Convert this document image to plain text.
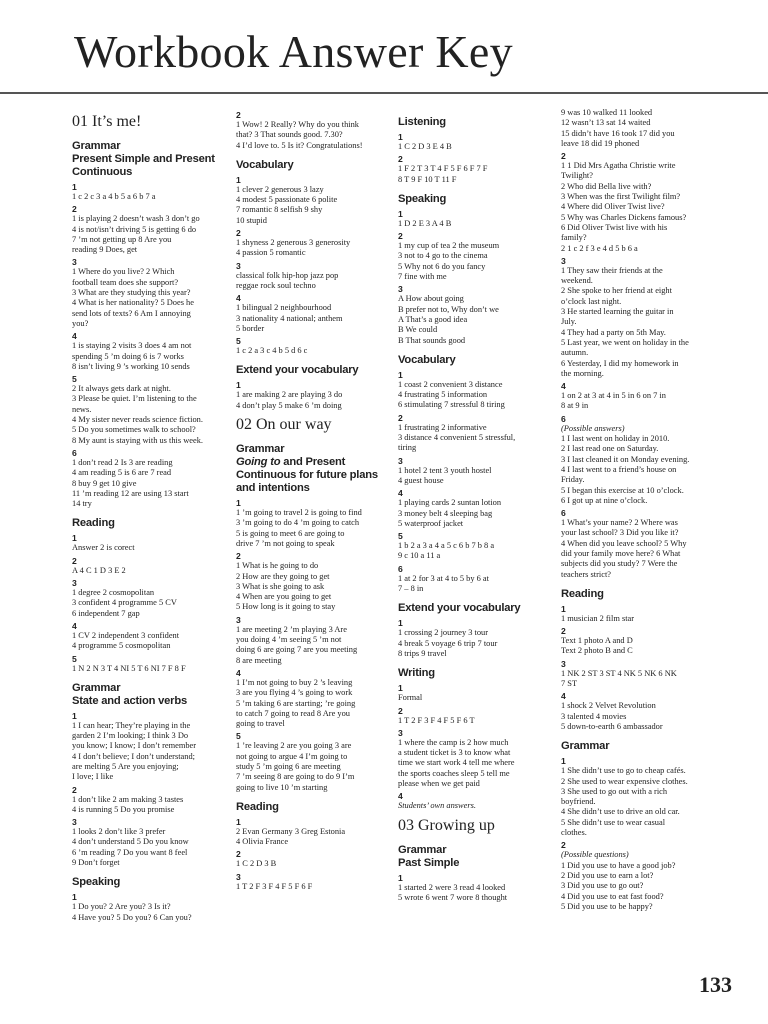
Workbook Answer Key
01 It’s me!
Grammar
Present Simple and Present Continuous
1
1 c 2 c 3 a 4 b 5 a 6 b 7 a
2
1 is playing 2 doesn’t wash 3 don’t go
4 is not/isn’t driving 5 is getting 6 do
7 ’m not getting up 8 Are you
reading 9 Does, get
3
1 Where do you live? 2 Which
football team does she support?
3 What are they studying this year?
4 What is her nationality? 5 Does he
send lots of texts? 6 Am I annoying
you?
4
1 is staying 2 visits 3 does 4 am not
spending 5 ’m doing 6 is 7 works
8 isn’t living 9 ’s working 10 sends
5
2 It always gets dark at night.
3 Please be quiet. I’m listening to the
news.
4 My sister never reads science fiction.
5 Do you sometimes walk to school?
8 My aunt is staying with us this week.
6
1 don’t read 2 Is 3 are reading
4 am reading 5 is 6 are 7 read
8 buy 9 get 10 give
11 ’m reading 12 are using 13 start
14 try
Reading
1
Answer 2 is corect
2
A 4 C 1 D 3 E 2
3
1 degree 2 cosmopolitan
3 confident 4 programme 5 CV
6 independent 7 gap
4
1 CV 2 independent 3 confident
4 programme 5 cosmopolitan
5
1 N 2 N 3 T 4 NI 5 T 6 NI 7 F 8 F
Grammar
State and action verbs
1
1 I can hear; They’re playing in the
garden 2 I’m looking; I think 3 Do
you know; I know; I don’t remember
4 I don’t believe; I don’t understand;
are melting 5 Are you enjoying;
I love; I like
2
1 don’t like 2 am making 3 tastes
4 is running 5 Do you promise
3
1 looks 2 don’t like 3 prefer
4 don’t understand 5 Do you know
6 ’m reading 7 Do you want 8 feel
9 Don’t forget
Speaking
1
1 Do you? 2 Are you? 3 Is it?
4 Have you? 5 Do you? 6 Can you?
2
1 Wow! 2 Really? Why do you think
that? 3 That sounds good. 7.30?
4 I’d love to. 5 Is it? Congratulations!
Vocabulary
1
1 clever 2 generous 3 lazy
4 modest 5 passionate 6 polite
7 romantic 8 selfish 9 shy
10 stupid
2
1 shyness 2 generous 3 generosity
4 passion 5 romantic
3
classical folk hip-hop jazz pop
reggae rock soul techno
4
1 bilingual 2 neighbourhood
3 nationality 4 national; anthem
5 border
5
1 c 2 a 3 c 4 b 5 d 6 c
Extend your vocabulary
1
1 are making 2 are playing 3 do
4 don’t play 5 make 6 ’m doing
02 On our way
Grammar
Going to and Present Continuous for future plans and intentions
1
1 ’m going to travel 2 is going to find
3 ’m going to do 4 ’m going to catch
5 is going to meet 6 are going to
drive 7 ’m not going to speak
2
1 What is he going to do
2 How are they going to get
3 What is she going to ask
4 When are you going to get
5 How long is it going to stay
3
1 are meeting 2 ’m playing 3 Are
you doing 4 ’m seeing 5 ’m not
doing 6 are going 7 are you meeting
8 are meeting
4
1 I’m not going to buy 2 ’s leaving
3 are you flying 4 ’s going to work
5 ’m taking 6 are starting; ’re going
to catch 7 going to read 8 Are you
going to travel
5
1 ’re leaving 2 are you going 3 are
not going to argue 4 I’m going to
study 5 ’m going 6 are meeting
7 ’m seeing 8 are going to do 9 I’m
going to live 10 ’m starting
Reading
1
2 Evan Germany 3 Greg Estonia
4 Olivia France
2
1 C 2 D 3 B
3
1 T 2 F 3 F 4 F 5 F 6 F
Listening
1
1 C 2 D 3 E 4 B
2
1 F 2 T 3 T 4 F 5 F 6 F 7 F
8 T 9 F 10 T 11 F
Speaking
1
1 D 2 E 3 A 4 B
2
1 my cup of tea 2 the museum
3 not to 4 go to the cinema
5 Why not 6 do you fancy
7 fine with me
3
A How about going
B prefer not to, Why don’t we
A That’s a good idea
B We could
B That sounds good
Vocabulary
1
1 coast 2 convenient 3 distance
4 frustrating 5 information
6 stimulating 7 stressful 8 tiring
2
1 frustrating 2 informative
3 distance 4 convenient 5 stressful,
tiring
3
1 hotel 2 tent 3 youth hostel
4 guest house
4
1 playing cards 2 suntan lotion
3 money belt 4 sleeping bag
5 waterproof jacket
5
1 b 2 a 3 a 4 a 5 c 6 b 7 b 8 a
9 c 10 a 11 a
6
1 at 2 for 3 at 4 to 5 by 6 at
7 – 8 in
Extend your vocabulary
1
1 crossing 2 journey 3 tour
4 break 5 voyage 6 trip 7 tour
8 trips 9 travel
Writing
1
Formal
2
1 T 2 F 3 F 4 F 5 F 6 T
3
1 where the camp is 2 how much
a student ticket is 3 to know what
time we start work 4 tell me where
the sports coaches sleep 5 tell me
please when we get paid
4
Students’ own answers.
03 Growing up
Grammar
Past Simple
1
1 started 2 were 3 read 4 looked
5 wrote 6 went 7 wore 8 thought
9 was 10 walked 11 looked
12 wasn’t 13 sat 14 waited
15 didn’t have 16 took 17 did you
leave 18 did 19 phoned
2
1 1 Did Mrs Agatha Christie write
Twilight?
2 Who did Bella live with?
3 When was the first Twilight film?
4 Where did Oliver Twist live?
5 Why was Charles Dickens famous?
6 Did Oliver Twist live with his
family?
2 1 c 2 f 3 e 4 d 5 b 6 a
3
1 They saw their friends at the
weekend.
2 She spoke to her friend at eight
o’clock last night.
3 He started learning the guitar in
July.
4 They had a party on 5th May.
5 Last year, we went on holiday in the
autumn.
6 Yesterday, I did my homework in
the morning.
4
1 on 2 at 3 at 4 in 5 in 6 on 7 in
8 at 9 in
6
(Possible answers)
1 I last went on holiday in 2010.
2 I last read one on Saturday.
3 I last cleaned it on Monday evening.
4 I last went to a friend’s house on
Friday.
5 I began this exercise at 10 o’clock.
6 I got up at nine o’clock.
6
1 What’s your name? 2 Where was
your last school? 3 Did you like it?
4 When did you leave school? 5 Why
did your family move here? 6 What
subjects did you study? 7 Were the
teachers strict?
Reading
1
1 musician 2 film star
2
Text 1 photo A and D
Text 2 photo B and C
3
1 NK 2 ST 3 ST 4 NK 5 NK 6 NK
7 ST
4
1 shock 2 Velvet Revolution
3 talented 4 movies
5 down-to-earth 6 ambassador
Grammar
1
1 She didn’t use to go to cheap cafés.
2 She used to wear expensive clothes.
3 She used to go out with a rich
boyfriend.
4 She didn’t use to drive an old car.
5 She didn’t use to wear casual
clothes.
2
(Possible questions)
1 Did you use to have a good job?
2 Did you use to earn a lot?
3 Did you use to go out?
4 Did you use to eat fast food?
5 Did you use to be happy?
133
